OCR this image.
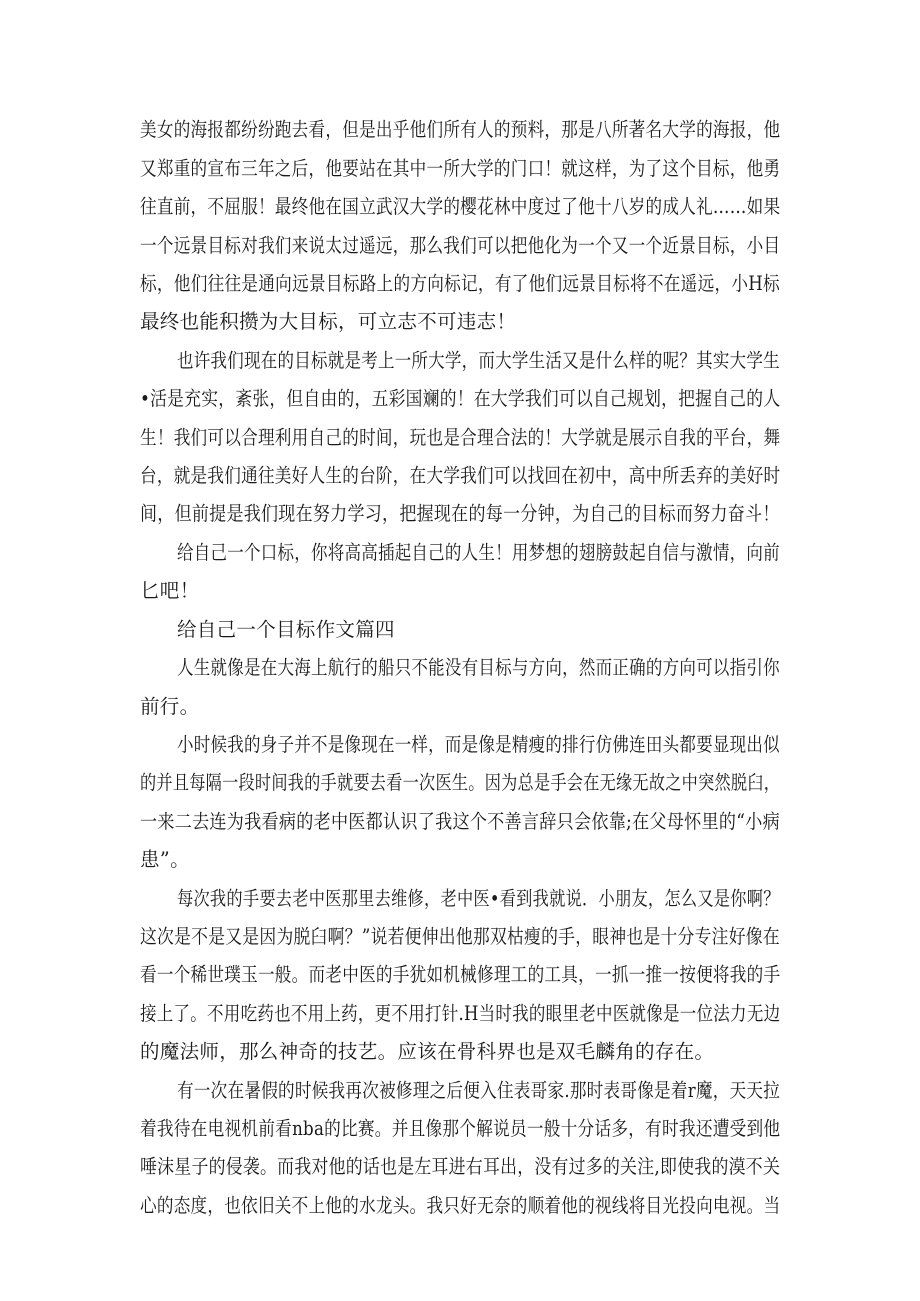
美女的海报都纷纷跑去看，但是出乎他们所有人的预料，那是八所著名大学的海报，他
又郑重的宣布三年之后，他要站在其中一所大学的门口！就这样，为了这个目标，他勇
往直前，不屈服！最终他在国立武汉大学的樱花林中度过了他十八岁的成人礼……如果
一个远景目标对我们来说太过遥远，那么我们可以把他化为一个又一个近景目标，小目
标，他们往往是通向远景目标路上的方向标记，有了他们远景目标将不在遥远，小H标
最终也能积攒为大目标，可立志不可违志！
也许我们现在的目标就是考上一所大学，而大学生活又是什么样的呢？其实大学生
•活是充实，紊张，但自由的，五彩国斓的！在大学我们可以自己规划，把握自己的人
生！我们可以合理利用自己的时间，玩也是合理合法的！大学就是展示自我的平台，舞
台，就是我们通往美好人生的台阶，在大学我们可以找回在初中，高中所丢弃的美好时
间，但前提是我们现在努力学习，把握现在的每一分钟，为自己的目标而努力奋斗！
给自己一个口标，你将高高插起自己的人生！用梦想的翅膀鼓起自信与激情，向前
匕吧！
给自己一个目标作文篇四
人生就像是在大海上航行的船只不能没有目标与方向，然而正确的方向可以指引你
前行。
小时候我的身子并不是像现在一样，而是像是精瘦的排行仿佛连田头都要显现出似
的并且每隔一段时间我的手就要去看一次医生。因为总是手会在无缘无故之中突然脱臼，
一来二去连为我看病的老中医都认识了我这个不善言辞只会依靠;在父母怀里的“小病
患”。
每次我的手要去老中医那里去维修，老中医•看到我就说．小朋友，怎么又是你啊？
这次是不是又是因为脱臼啊？”说若便伸出他那双枯瘦的手，眼神也是十分专注好像在
看一个稀世璞玉一般。而老中医的手犹如机械修理工的工具，一抓一推一按便将我的手
接上了。不用吃药也不用上药，更不用打针.H当时我的眼里老中医就像是一位法力无边
的魔法师，那么神奇的技艺。应该在骨科界也是双毛麟角的存在。
有一次在暑假的时候我再次被修理之后便入住表哥家.那时表哥像是着r魔，天天拉
着我待在电视机前看nba的比赛。并且像那个解说员一般十分话多，有时我还遭受到他
唾沫星子的侵袭。而我对他的话也是左耳进右耳出，没有过多的关注,即使我的漠不关
心的态度，也依旧关不上他的水龙头。我只好无奈的顺着他的视线将目光投向电视。当
